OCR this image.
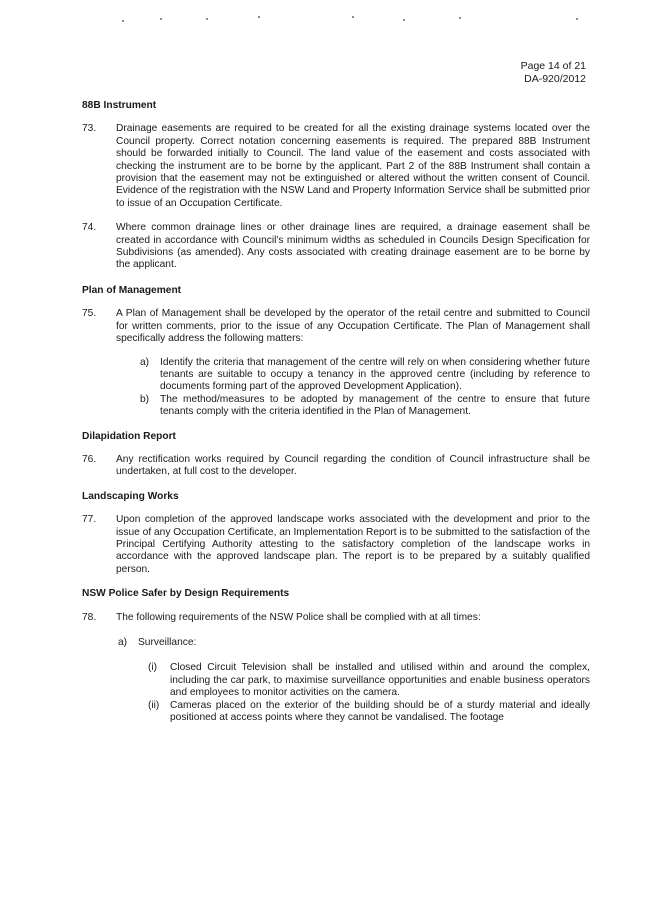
Page 14 of 21
DA-920/2012

88B Instrument

73.	Drainage easements are required to be created for all the existing drainage systems located over the Council property. Correct notation concerning easements is required. The prepared 88B Instrument should be forwarded initially to Council. The land value of the easement and costs associated with checking the instrument are to be borne by the applicant. Part 2 of the 88B Instrument shall contain a provision that the easement may not be extinguished or altered without the written consent of Council. Evidence of the registration with the NSW Land and Property Information Service shall be submitted prior to issue of an Occupation Certificate.
74.	Where common drainage lines or other drainage lines are required, a drainage easement shall be created in accordance with Council's minimum widths as scheduled in Councils Design Specification for Subdivisions (as amended). Any costs associated with creating drainage easement are to be borne by the applicant.

Plan of Management

75.	A Plan of Management shall be developed by the operator of the retail centre and submitted to Council for written comments, prior to the issue of any Occupation Certificate. The Plan of Management shall specifically address the following matters:
a)	Identify the criteria that management of the centre will rely on when considering whether future tenants are suitable to occupy a tenancy in the approved centre (including by reference to documents forming part of the approved Development Application).
b)	The method/measures to be adopted by management of the centre to ensure that future tenants comply with the criteria identified in the Plan of Management.

Dilapidation Report

76.	Any rectification works required by Council regarding the condition of Council infrastructure shall be undertaken, at full cost to the developer.

Landscaping Works

77.	Upon completion of the approved landscape works associated with the development and prior to the issue of any Occupation Certificate, an Implementation Report is to be submitted to the satisfaction of the Principal Certifying Authority attesting to the satisfactory completion of the landscape works in accordance with the approved landscape plan. The report is to be prepared by a suitably qualified person.

NSW Police Safer by Design Requirements

78.	The following requirements of the NSW Police shall be complied with at all times:
a)	Surveillance:
(i)	Closed Circuit Television shall be installed and utilised within and around the complex, including the car park, to maximise surveillance opportunities and enable business operators and employees to monitor activities on the camera.
(ii)	Cameras placed on the exterior of the building should be of a sturdy material and ideally positioned at access points where they cannot be vandalised. The footage
